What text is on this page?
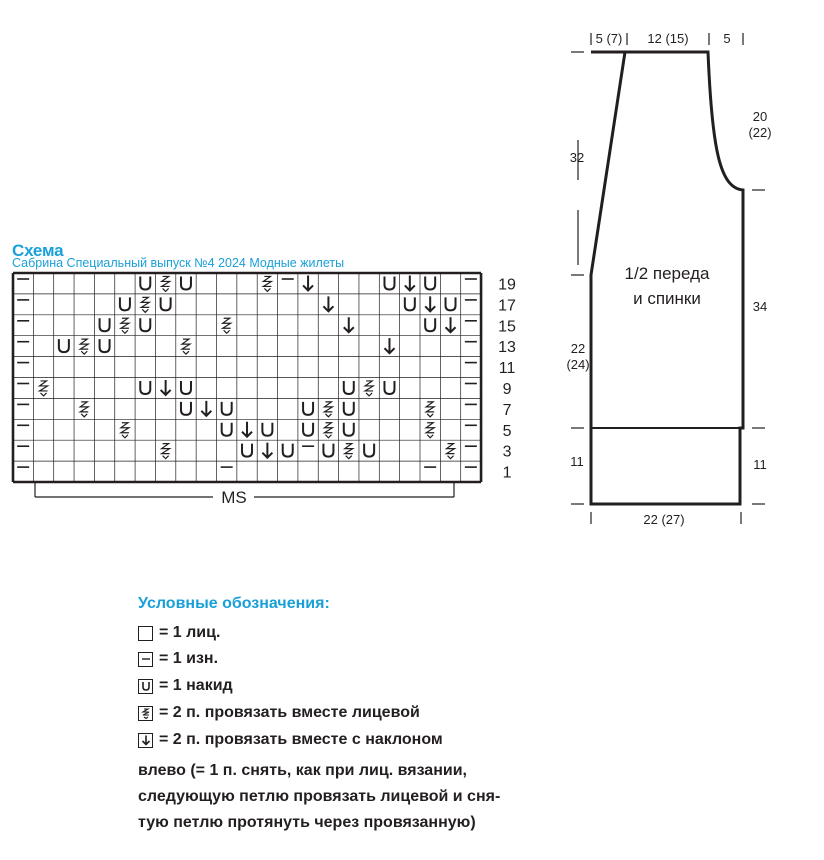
Схема
Сабрина Специальный выпуск №4 2024 Модные жилеты
19
17
15
13
11
9
7
5
3
1
MS
1/2 переда
и спинки
5 (7) 12 (15)	5
32
22
(24)
11
20
(22)
34
11
22 (27)
Условные обозначения:
= 1 лиц.
= 1 изн.
= 1 накид
= 2 п. провязать вместе лицевой
= 2 п. провязать вместе с наклоном
влево (= 1 п. снять, как при лиц. вязании,
следующую петлю провязать лицевой и сня-
тую петлю протянуть через провязанную)
